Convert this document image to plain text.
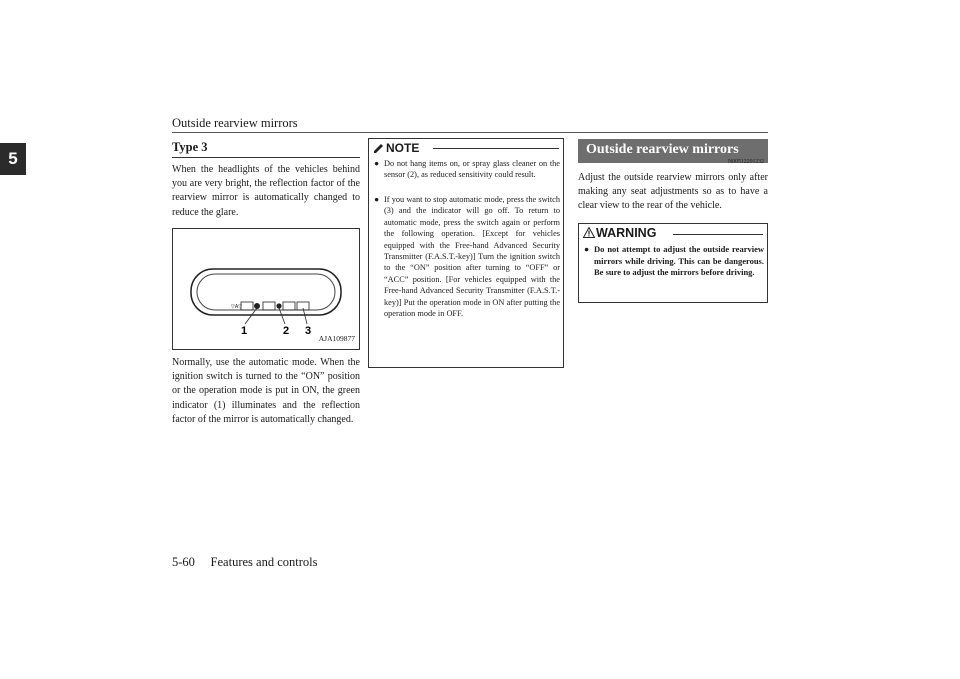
Outside rearview mirrors
5
Type 3
When the headlights of the vehicles behind you are very bright, the reflection factor of the rearview mirror is automatically changed to reduce the glare.
▽A▽
1	2 3
AJA109877
Normally, use the automatic mode. When the ignition switch is turned to the “ON” position or the operation mode is put in ON, the green indicator (1) illuminates and the reflection factor of the mirror is automatically changed.
NOTE
● Do not hang items on, or spray glass cleaner on the sensor (2), as reduced sensitivity could result.
● If you want to stop automatic mode, press the switch (3) and the indicator will go off. To return to automatic mode, press the switch again or perform the following operation. [Except for vehicles equipped with the Free-hand Advanced Security Transmitter (F.A.S.T.-key)] Turn the ignition switch to the “ON” position after turning to “OFF” or “ACC” position. [For vehicles equipped with the Free-hand Advanced Security Transmitter (F.A.S.T.-key)] Put the operation mode in ON after putting the operation mode in OFF.
Outside rearview mirrors
N00512201232
Adjust the outside rearview mirrors only after making any seat adjustments so as to have a clear view to the rear of the vehicle.
WARNING
● Do not attempt to adjust the outside rearview mirrors while driving. This can be dangerous. Be sure to adjust the mirrors before driving.
5-60 Features and controls
